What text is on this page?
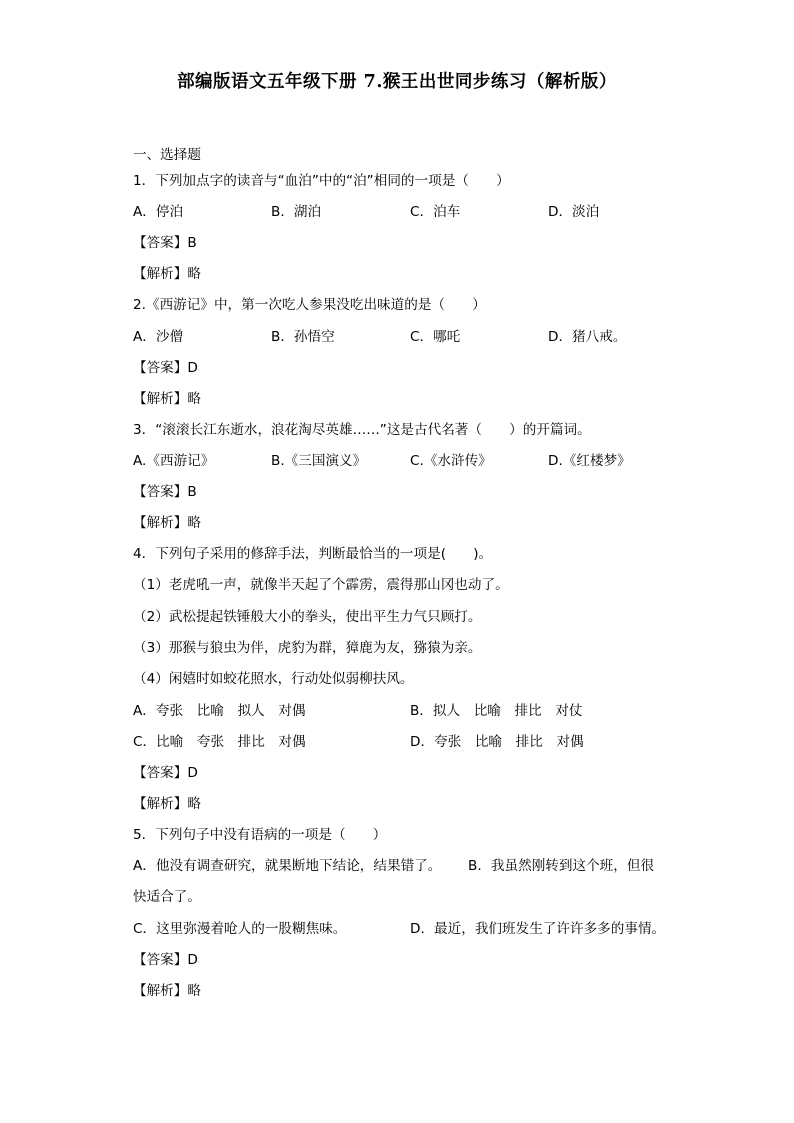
部编版语文五年级下册 7.猴王出世同步练习（解析版）
一、选择题
1．下列加点字的读音与“血泊”中的“泊”相同的一项是（　　）
A．停泊	B．湖泊	C．泊车	D．淡泊
【答案】B
【解析】略
2.《西游记》中，第一次吃人参果没吃出味道的是（　　）
A．沙僧	B．孙悟空	C．哪吒	D．猪八戒。
【答案】D
【解析】略
3．“滚滚长江东逝水，浪花淘尽英雄……”这是古代名著（　　）的开篇词。
A.《西游记》	B.《三国演义》	C.《水浒传》	D.《红楼梦》
【答案】B
【解析】略
4．下列句子采用的修辞手法，判断最恰当的一项是(　　)。
（1）老虎吼一声，就像半天起了个霹雳，震得那山冈也动了。
（2）武松提起铁锤般大小的拳头，使出平生力气只顾打。
（3）那猴与狼虫为伴，虎豹为群，獐鹿为友，猕猿为亲。
（4）闲嬉时如蛟花照水，行动处似弱柳扶风。
A．夸张　比喻　拟人　对偶	B．拟人　比喻　排比　对仗
C．比喻　夸张　排比　对偶	D．夸张　比喻　排比　对偶
【答案】D
【解析】略
5．下列句子中没有语病的一项是（　　）
A．他没有调查研究，就果断地下结论，结果错了。 B．我虽然刚转到这个班，但很
快适合了。
C．这里弥漫着呛人的一股糊焦味。	D．最近，我们班发生了许许多多的事情。
【答案】D
【解析】略
